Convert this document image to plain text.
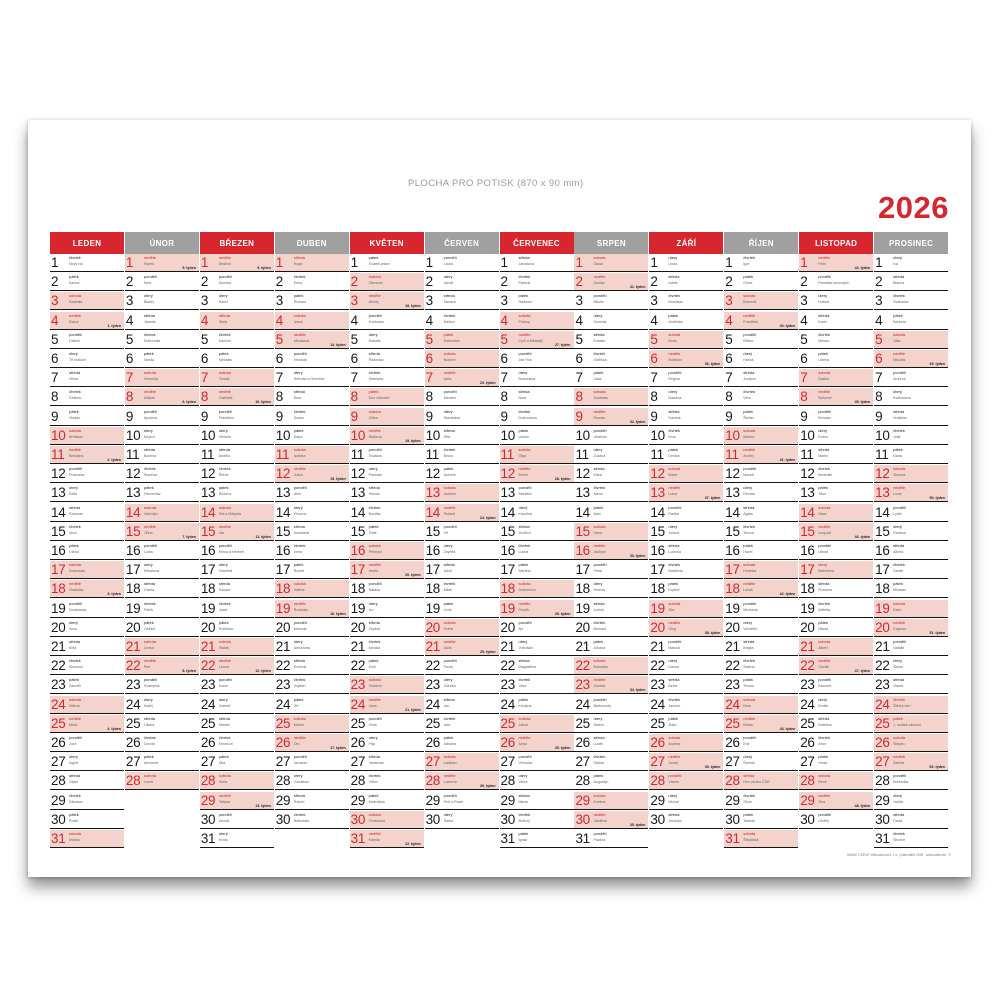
PLOCHA PRO POTISK (870 x 90 mm)
2026
LEDEN
1	čtvrtek
Nový rok
2	pátek
Karina
3	sobota
Radmila
4	neděle
Diana
1. týden
5	pondělí
Dalimil
6	úterý
Tři králové
7	středa
Vilma
8	čtvrtek
Čestmír
9	pátek
Vladan
10 sobota
Břetislav
11 neděle
Bohdana
2. týden
12 pondělí
Pravoslav
13 úterý
Edita
14 středa
Radovan
15 čtvrtek
Alice
16 pátek
Ctirad
17 sobota
Drahoslav
18 neděle
Vladislav
3. týden
19 pondělí
Doubravka
20 úterý
Ilona
21 středa
Běla
22 čtvrtek
Slavomír
23 pátek
Zdeněk
24 sobota
Milena
25 neděle
Miloš
4. týden
26 pondělí
Zora
27 úterý
Ingrid
28 středa
Otýlie
29 čtvrtek
Zdislava
30 pátek
Robin
31 sobota
Marika
ÚNOR
1	neděle
Hynek
5. týden
2	pondělí
Nela
3	úterý
Blažej
4	středa
Jarmila
5	čtvrtek
Dobromila
6	pátek
Vanda
7	sobota
Veronika
8	neděle
Milada
6. týden
9	pondělí
Apolena
10 úterý
Mojmír
11 středa
Božena
12 čtvrtek
Slavěna
13 pátek
Věnceslav
14 sobota
Valentýn
15 neděle
Jiřina
7. týden
16 pondělí
Ljuba
17 úterý
Miloslava
18 středa
Gizela
19 čtvrtek
Patrik
20 pátek
Oldřich
21 sobota
Lenka
22 neděle
Petr
8. týden
23 pondělí
Svatopluk
24 úterý
Matěj
25 středa
Liliana
26 čtvrtek
Dorota
27 pátek
Alexandr
28 sobota
Lumír
BŘEZEN
1	neděle
Bedřich
9. týden
2	pondělí
Anežka
3	úterý
Kamil
4	středa
Stela
5	čtvrtek
Kazimír
6	pátek
Miroslav
7	sobota
Tomáš
8	neděle
Gabriela
10. týden
9	pondělí
Františka
10 úterý
Viktorie
11 středa
Anděla
12 čtvrtek
Řehoř
13 pátek
Růžena
14 sobota
Rút a Matylda
15 neděle
Ida
11. týden
16 pondělí
Elena a Herbert
17 úterý
Vlastimil
18 středa
Eduard
19 čtvrtek
Josef
20 pátek
Světlana
21 sobota
Radek
22 neděle
Leona
12. týden
23 pondělí
Ivona
24 úterý
Gabriel
25 středa
Marián
26 čtvrtek
Emanuel
27 pátek
Dita
28 sobota
Soňa
29 neděle
Taťána
13. týden
30 pondělí
Arnošt
31 úterý
Kvido
DUBEN
1	středa
Hugo
2	čtvrtek
Erika
3	pátek
Richard
4	sobota
Ivana
5	neděle
Miroslava
14. týden
6	pondělí
Vendula
7	úterý
Heřman a Hermína
8	středa
Ema
9	čtvrtek
Dušan
10 pátek
Darja
11 sobota
Izabela
12 neděle
Julius
15. týden
13 pondělí
Aleš
14 úterý
Vincenc
15 středa
Anastázie
16 čtvrtek
Irena
17 pátek
Rudolf
18 sobota
Valérie
19 neděle
Rostislav
16. týden
20 pondělí
Marcela
21 úterý
Alexandra
22 středa
Evženie
23 čtvrtek
Vojtěch
24 pátek
Jiří
25 sobota
Marek
26 neděle
Oto
17. týden
27 pondělí
Jaroslav
28 úterý
Vlastislav
29 středa
Robert
30 čtvrtek
Blahoslav
KVĚTEN
1	pátek
Svátek práce
2	sobota
Zikmund
3	neděle
Alexej
18. týden
4	pondělí
Květoslav
5	úterý
Klaudie
6	středa
Radoslav
7	čtvrtek
Stanislav
8	pátek
Den vítězství
9	sobota
Ctibor
10 neděle
Blažena
19. týden
11 pondělí
Svatava
12 úterý
Pankrác
13 středa
Servác
14 čtvrtek
Bonifác
15 pátek
Žofie
16 sobota
Přemysl
17 neděle
Aneta
20. týden
18 pondělí
Nataša
19 úterý
Ivo
20 středa
Zbyšek
21 čtvrtek
Monika
22 pátek
Emil
23 sobota
Vladimír
24 neděle
Jana
21. týden
25 pondělí
Viola
26 úterý
Filip
27 středa
Valdemar
28 čtvrtek
Vilém
29 pátek
Maxmilián
30 sobota
Ferdinand
31 neděle
Kamila
22. týden
ČERVEN
1	pondělí
Laura
2	úterý
Jarmil
3	středa
Tamara
4	čtvrtek
Dalibor
5	pátek
Dobroslav
6	sobota
Norbert
7	neděle
Iveta
23. týden
8	pondělí
Medard
9	úterý
Stanislava
10 středa
Gita
11 čtvrtek
Bruno
12 pátek
Antonie
13 sobota
Antonín
14 neděle
Roland
24. týden
15 pondělí
Vít
16 úterý
Zbyněk
17 středa
Adolf
18 čtvrtek
Milan
19 pátek
Leoš
20 sobota
Květa
21 neděle
Alois
25. týden
22 pondělí
Pavla
23 úterý
Zdeňka
24 středa
Jan
25 čtvrtek
Ivan
26 pátek
Adriana
27 sobota
Ladislav
28 neděle
Lubomír
26. týden
29 pondělí
Petr a Pavel
30 úterý
Šárka
ČERVENEC
1	středa
Jaroslava
2	čtvrtek
Patricie
3	pátek
Radomír
4	sobota
Prokop
5	neděle
Cyril a Metoděj
27. týden
6	pondělí
Jan Hus
7	úterý
Bohuslava
8	středa
Nora
9	čtvrtek
Drahoslava
10 pátek
Libuše
11 sobota
Olga
12 neděle
Bořek
28. týden
13 pondělí
Markéta
14 úterý
Karolína
15 středa
Jindřich
16 čtvrtek
Luboš
17 pátek
Martina
18 sobota
Drahomíra
19 neděle
Čeněk
29. týden
20 pondělí
Ilja
21 úterý
Vítězslav
22 středa
Magdaléna
23 čtvrtek
Libor
24 pátek
Kristýna
25 sobota
Jakub
26 neděle
Anna
30. týden
27 pondělí
Věroslav
28 úterý
Viktor
29 středa
Marta
30 čtvrtek
Bořivoj
31 pátek
Ignác
SRPEN
1	sobota
Oskar
2	neděle
Gustav
31. týden
3	pondělí
Miluše
4	úterý
Dominik
5	středa
Kristián
6	čtvrtek
Oldřiška
7	pátek
Lada
8	sobota
Soběslav
9	neděle
Roman
32. týden
10 pondělí
Vavřinec
11 úterý
Zuzana
12 středa
Klára
13 čtvrtek
Alena
14 pátek
Alan
15 sobota
Hana
16 neděle
Jáchym
33. týden
17 pondělí
Petra
18 úterý
Helena
19 středa
Ludvík
20 čtvrtek
Bernard
21 pátek
Johana
22 sobota
Bohuslav
23 neděle
Sandra
34. týden
24 pondělí
Bartoloměj
25 úterý
Radim
26 středa
Luděk
27 čtvrtek
Otakar
28 pátek
Augustýn
29 sobota
Evelína
30 neděle
Vladěna
35. týden
31 pondělí
Pavlína
ZÁŘÍ
1	úterý
Linda
2	středa
Adéla
3	čtvrtek
Bronislav
4	pátek
Jindřiška
5	sobota
Boris
6	neděle
Boleslav
36. týden
7	pondělí
Regína
8	úterý
Mariana
9	středa
Daniela
10 čtvrtek
Irma
11 pátek
Denisa
12 sobota
Marie
13 neděle
Lubor
37. týden
14 pondělí
Radka
15 úterý
Jolana
16 středa
Ludmila
17 čtvrtek
Naděžda
18 pátek
Kryštof
19 sobota
Zita
20 neděle
Oleg
38. týden
21 pondělí
Matouš
22 úterý
Darina
23 středa
Berta
24 čtvrtek
Jaromír
25 pátek
Zlata
26 sobota
Andrea
27 neděle
Jonáš
39. týden
28 pondělí
Václav
29 úterý
Michal
30 středa
Jeroným
ŘÍJEN
1	čtvrtek
Igor
2	pátek
Olívie
3	sobota
Bohumil
4	neděle
František
40. týden
5	pondělí
Eliška
6	úterý
Hanuš
7	středa
Justýna
8	čtvrtek
Věra
9	pátek
Štefan
10 sobota
Marina
11 neděle
Andrej
41. týden
12 pondělí
Marcel
13 úterý
Renáta
14 středa
Agáta
15 čtvrtek
Tereza
16 pátek
Havel
17 sobota
Hedvika
18 neděle
Lukáš
42. týden
19 pondělí
Michaela
20 úterý
Vendelín
21 středa
Brigita
22 čtvrtek
Sabina
23 pátek
Teodor
24 sobota
Nina
25 neděle
Beáta
43. týden
26 pondělí
Erik
27 úterý
Šarlota
28 středa
Den vzniku ČSR
29 čtvrtek
Silvie
30 pátek
Tadeáš
31 sobota
Štěpánka
LISTOPAD
1	neděle
Felix
44. týden
2	pondělí
Památka zesnulých
3	úterý
Hubert
4	středa
Karel
5	čtvrtek
Miriam
6	pátek
Liběna
7	sobota
Saskie
8	neděle
Bohumír
45. týden
9	pondělí
Bohdan
10 úterý
Evžen
11 středa
Martin
12 čtvrtek
Benedikt
13 pátek
Tibor
14 sobota
Sáva
15 neděle
Leopold
46. týden
16 pondělí
Otmar
17 úterý
Mahulena
18 středa
Romana
19 čtvrtek
Alžběta
20 pátek
Nikola
21 sobota
Albert
22 neděle
Cecílie
47. týden
23 pondělí
Klement
24 úterý
Emílie
25 středa
Kateřina
26 čtvrtek
Artur
27 pátek
Xenie
28 sobota
René
29 neděle
Zina
48. týden
30 pondělí
Ondřej
PROSINEC
1	úterý
Iva
2	středa
Blanka
3	čtvrtek
Svatoslav
4	pátek
Barbora
5	sobota
Jitka
6	neděle
Mikuláš
49. týden
7	pondělí
Ambrož
8	úterý
Květoslava
9	středa
Vratislav
10 čtvrtek
Julie
11 pátek
Dana
12 sobota
Simona
13 neděle
Lucie
50. týden
14 pondělí
Lýdie
15 úterý
Radana
16 středa
Albína
17 čtvrtek
Daniel
18 pátek
Miloslav
19 sobota
Ester
20 neděle
Dagmar
51. týden
21 pondělí
Natálie
22 úterý
Šimon
23 středa
Vlasta
24 čtvrtek
Štědrý den
25 pátek
1. svátek vánoční
26 sobota
Štěpán
27 neděle
Žaneta
52. týden
28 pondělí
Bohumila
29 úterý
Judita
30 středa
David
31 čtvrtek
Silvestr
IMAGE CZECH Velkoobchod s. r. o. | Kalendáře 2026 · www.calendar · ©
